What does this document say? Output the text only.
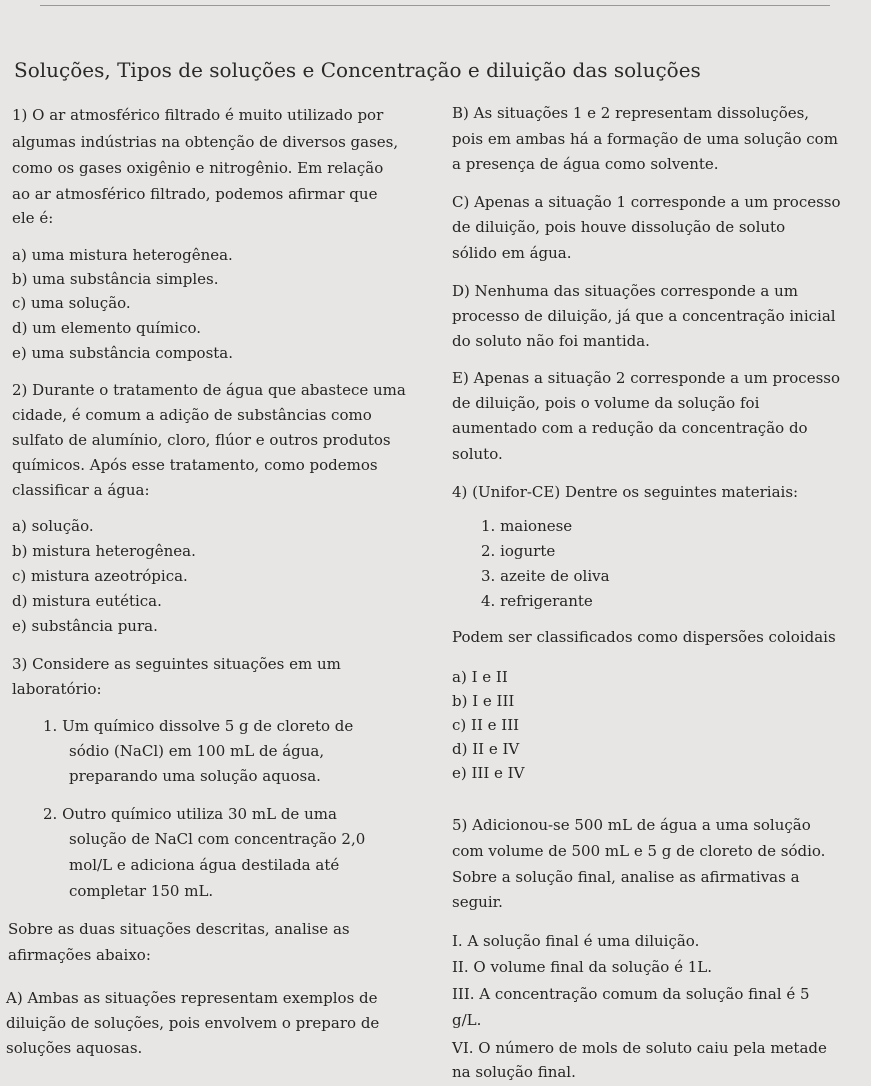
Soluções, Tipos de soluções e Concentração e diluição das soluções
1) O ar atmosférico filtrado é muito utilizado por
algumas indústrias na obtenção de diversos gases,
como os gases oxigênio e nitrogênio. Em relação
ao ar atmosférico filtrado, podemos afirmar que
ele é:
a) uma mistura heterogênea.
b) uma substância simples.
c) uma solução.
d) um elemento químico.
e) uma substância composta.
2) Durante o tratamento de água que abastece uma
cidade, é comum a adição de substâncias como
sulfato de alumínio, cloro, flúor e outros produtos
químicos. Após esse tratamento, como podemos
classificar a água:
a) solução.
b) mistura heterogênea.
c) mistura azeotrópica.
d) mistura eutética.
e) substância pura.
3) Considere as seguintes situações em um
laboratório:
1. Um químico dissolve 5 g de cloreto de
sódio (NaCl) em 100 mL de água,
preparando uma solução aquosa.
2. Outro químico utiliza 30 mL de uma
solução de NaCl com concentração 2,0
mol/L e adiciona água destilada até
completar 150 mL.
Sobre as duas situações descritas, analise as
afirmações abaixo:
A) Ambas as situações representam exemplos de
diluição de soluções, pois envolvem o preparo de
soluções aquosas.
B) As situações 1 e 2 representam dissoluções,
pois em ambas há a formação de uma solução com
a presença de água como solvente.
C) Apenas a situação 1 corresponde a um processo
de diluição, pois houve dissolução de soluto
sólido em água.
D) Nenhuma das situações corresponde a um
processo de diluição, já que a concentração inicial
do soluto não foi mantida.
E) Apenas a situação 2 corresponde a um processo
de diluição, pois o volume da solução foi
aumentado com a redução da concentração do
soluto.
4) (Unifor-CE) Dentre os seguintes materiais:
1. maionese
2. iogurte
3. azeite de oliva
4. refrigerante
Podem ser classificados como dispersões coloidais
a) I e II
b) I e III
c) II e III
d) II e IV
e) III e IV
5) Adicionou-se 500 mL de água a uma solução
com volume de 500 mL e 5 g de cloreto de sódio.
Sobre a solução final, analise as afirmativas a
seguir.
I. A solução final é uma diluição.
II. O volume final da solução é 1L.
III. A concentração comum da solução final é 5
g/L.
VI. O número de mols de soluto caiu pela metade
na solução final.
